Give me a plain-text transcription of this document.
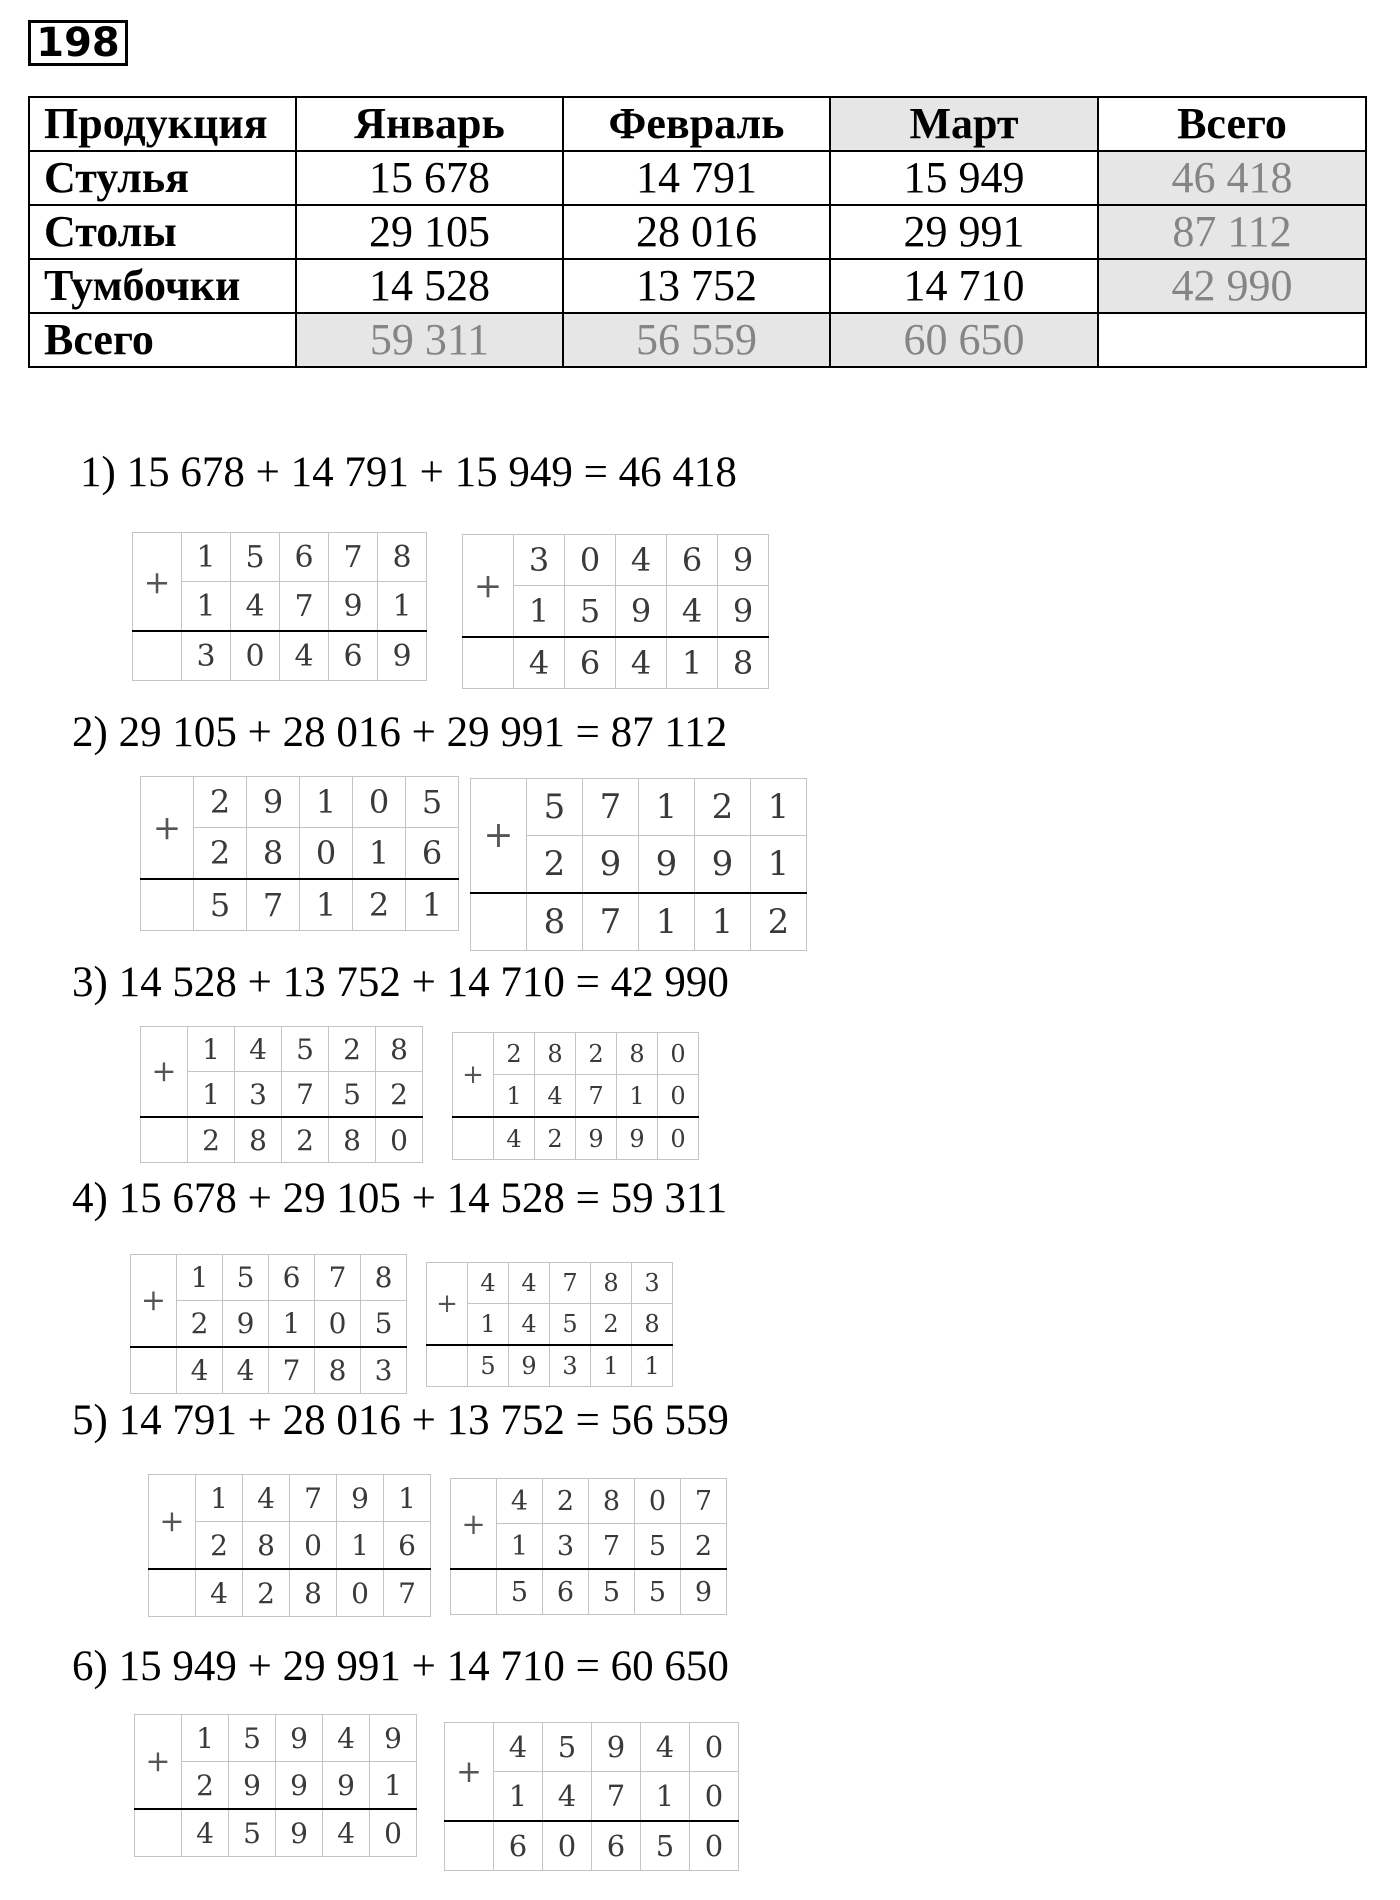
198
Продукция	Январь	Февраль	Март	Всего
Стулья	15 678	14 791	15 949	46 418
Столы	29 105	28 016	29 991	87 112
Тумбочки	14 528	13 752	14 710	42 990
Всего	59 311	56 559	60 650	
1) 15 678 + 14 791 + 15 949 = 46 418
2) 29 105 + 28 016 + 29 991 = 87 112
3) 14 528 + 13 752 + 14 710 = 42 990
4) 15 678 + 29 105 + 14 528 = 59 311
5) 14 791 + 28 016 + 13 752 = 56 559
6) 15 949 + 29 991 + 14 710 = 60 650
+	1	5	6	7	8
	1	4	7	9	1
	3	0	4	6	9
+	3	0	4	6	9
	1	5	9	4	9
	4	6	4	1	8
+	2	9	1	0	5
	2	8	0	1	6
	5	7	1	2	1
+	5	7	1	2	1
	2	9	9	9	1
	8	7	1	1	2
+	1	4	5	2	8
	1	3	7	5	2
	2	8	2	8	0
+	2	8	2	8	0
	1	4	7	1	0
	4	2	9	9	0
+	1	5	6	7	8
	2	9	1	0	5
	4	4	7	8	3
+	4	4	7	8	3
	1	4	5	2	8
	5	9	3	1	1
+	1	4	7	9	1
	2	8	0	1	6
	4	2	8	0	7
+	4	2	8	0	7
	1	3	7	5	2
	5	6	5	5	9
+	1	5	9	4	9
	2	9	9	9	1
	4	5	9	4	0
+	4	5	9	4	0
	1	4	7	1	0
	6	0	6	5	0
